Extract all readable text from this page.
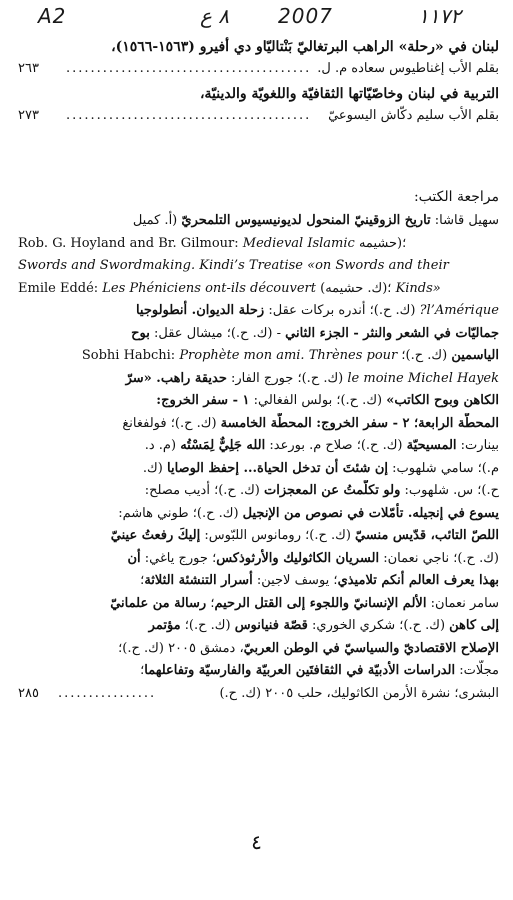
A2	٨ ع 2007	١١٧٢
لبنان في «رحلة» الراهب البرتغاليّ بَنْتاليّاو دي أفيرو (١٥٦٣-١٥٦٦)،
٢٦٣	........................................ بقلم الأب إغناطيوس سعاده م. ل.
التربية في لبنان وخاصّيّاتها الثقافيّة واللغويّة والدينيّة،
٢٧٣	........................................	بقلم الأب سليم دكّاش اليسوعيّ
مراجعة الكتب:
سهيل قاشا: تاريخ الزوقينيّ المنحول لديونيسيوس التلمحريّ (أ. كميل
Rob. G. Hoyland and Br. Gilmour: Medieval Islamic ؛(حشيمه
Swords and Swordmaking. Kindi’s Treatise «on Swords and their
Emile Eddé: Les Phéniciens ont-ils découvert ؛(ك. حشيمه) Kinds»
l’Amérique? (ك. ح.)؛ أندره بركات عقل: زحلة الديوان. أنطولوجيا
جماليّات في الشعر والنثر - الجزء الثاني - (ك. ح.)؛ ميشال عقل: بوح
الياسمين (ك. ح.)؛ Sobhi Habchi: Prophète mon ami. Thrènes pour
le moine Michel Hayek (ك. ح.)؛ جورج الفار: حديقة راهب. «سرّ
الكاهن وبوح الكاتب» (ك. ح.)؛ بولس الفغالي: ١ - سفر الخروج:
المحطّة الرابعة؛ ٢ - سفر الخروج: المحطّة الخامسة (ك. ح.)؛ فولفغانغ
بينارت: المسيحيّة (ك. ح.)؛ صلاح م. بورعد: الله جَلِيٌّ لِمَسْتُه (م. د.
م.)؛ سامي شلهوب: إن شئتَ أن تدخل الحياة... إحفظ الوصايا (ك.
ح.)؛ س. شلهوب: ولو تكلّمتُ عن المعجزات (ك. ح.)؛ أديب مصلح:
يسوع في إنجيله. تأمّلات في نصوص من الإنجيل (ك. ح.)؛ طوني هاشم:
اللصّ التائب، قدّيس منسيّ (ك. ح.)؛ رومانوس اللبّوس: إليكَ رفعتُ عينيّ
(ك. ح.)؛ ناجي نعمان: السريان الكاثوليك والأرثوذكس؛ جورج ياغي: أن
بهذا يعرف العالم أنكم تلاميذي؛ يوسف لاجين: أسرار التنشئة الثلاثة؛
سامر نعمان: الألم الإنسانيّ واللجوء إلى القتل الرحيم؛ رسالة من علمانيّ
إلى كاهن (ك. ح.)؛ شكري الخوري: قصّة فنيانوس (ك. ح.)؛ مؤتمر
الإصلاح الاقتصاديّ والسياسيّ في الوطن العربيّ، دمشق ٢٠٠٥ (ك. ح.)؛
مجلّات: الدراسات الأدبيّة في الثقافتَين العربيّة والفارسيّة وتفاعلهما؛
٢٨٥	................	البشرى؛ نشرة الأرمن الكاثوليك، حلب ٢٠٠٥ (ك. ح.)
٤
